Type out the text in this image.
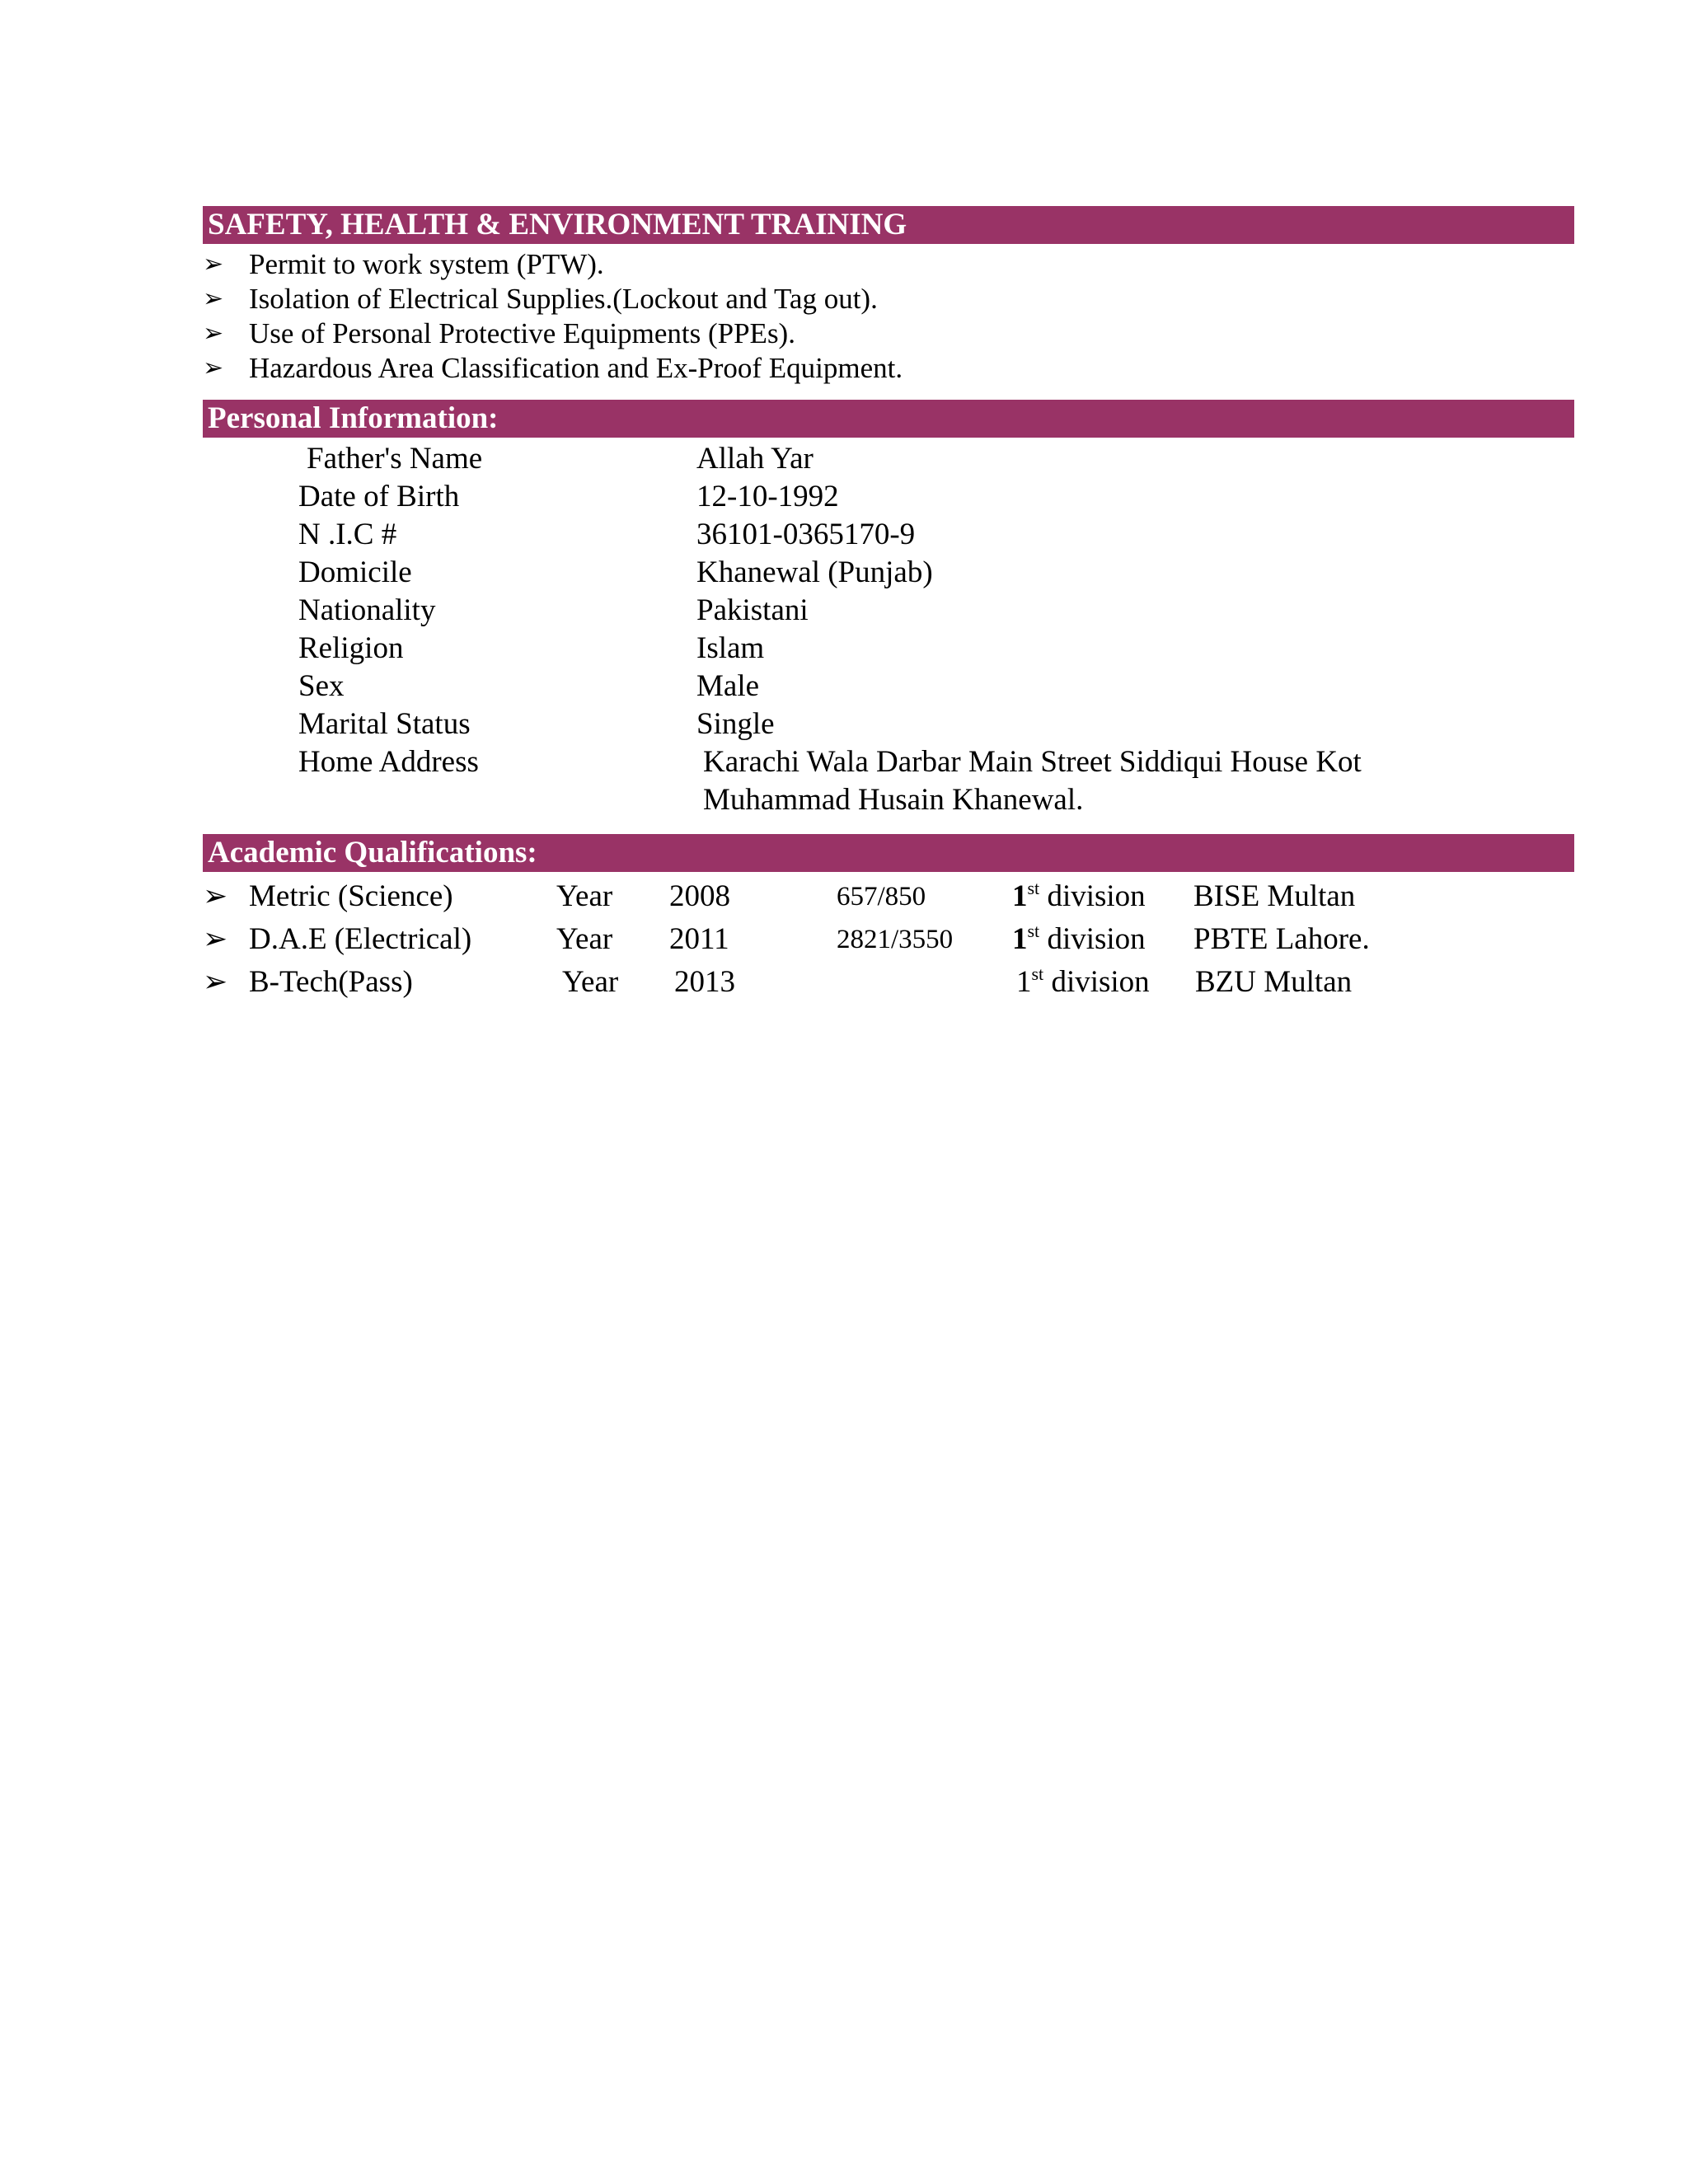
SAFETY, HEALTH & ENVIRONMENT TRAINING
➢ Permit to work system (PTW).
➢ Isolation of Electrical Supplies.(Lockout and Tag out).
➢ Use of Personal Protective Equipments (PPEs).
➢ Hazardous Area Classification and Ex-Proof Equipment.
Personal Information:
Father's Name	Allah Yar
Date of Birth	12-10-1992
N .I.C #	36101-0365170-9
Domicile	Khanewal (Punjab)
Nationality	Pakistani
Religion	Islam
Sex	Male
Marital Status	Single
Home Address	Karachi Wala Darbar Main Street Siddiqui House Kot
Muhammad Husain Khanewal.
Academic Qualifications:
➢ Metric (Science)	Year 2008	657/850	1st division BISE Multan
➢ D.A.E (Electrical)	Year 2011	2821/3550 1st division PBTE Lahore.
➢ B-Tech(Pass)	Year 2013	1st division BZU Multan
